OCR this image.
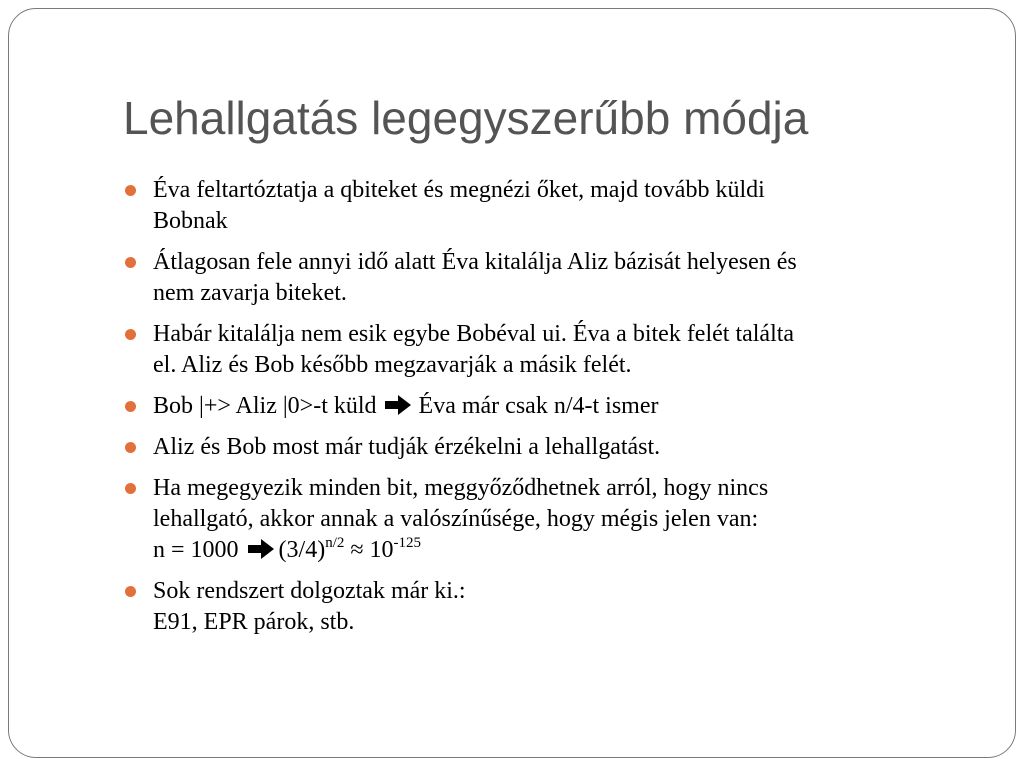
Lehallgatás legegyszerűbb módja
Éva feltartóztatja a qbiteket és megnézi őket, majd tovább küldi
Bobnak
Átlagosan fele annyi idő alatt Éva kitalálja Aliz bázisát helyesen és
nem zavarja biteket.
Habár kitalálja nem esik egybe Bobéval ui. Éva a bitek felét találta
el. Aliz és Bob később megzavarják a másik felét.
Bob |+> Aliz |0>-t küld  Éva már csak n/4-t ismer
Aliz és Bob most már tudják érzékelni a lehallgatást.
Ha megegyezik minden bit, meggyőződhetnek arról, hogy nincs
lehallgató, akkor annak a valószínűsége, hogy mégis jelen van:
n = 1000 $(3/4)^{n/2} \approx 10^{-125}$
Sok rendszert dolgoztak már ki.:
E91, EPR párok, stb.
